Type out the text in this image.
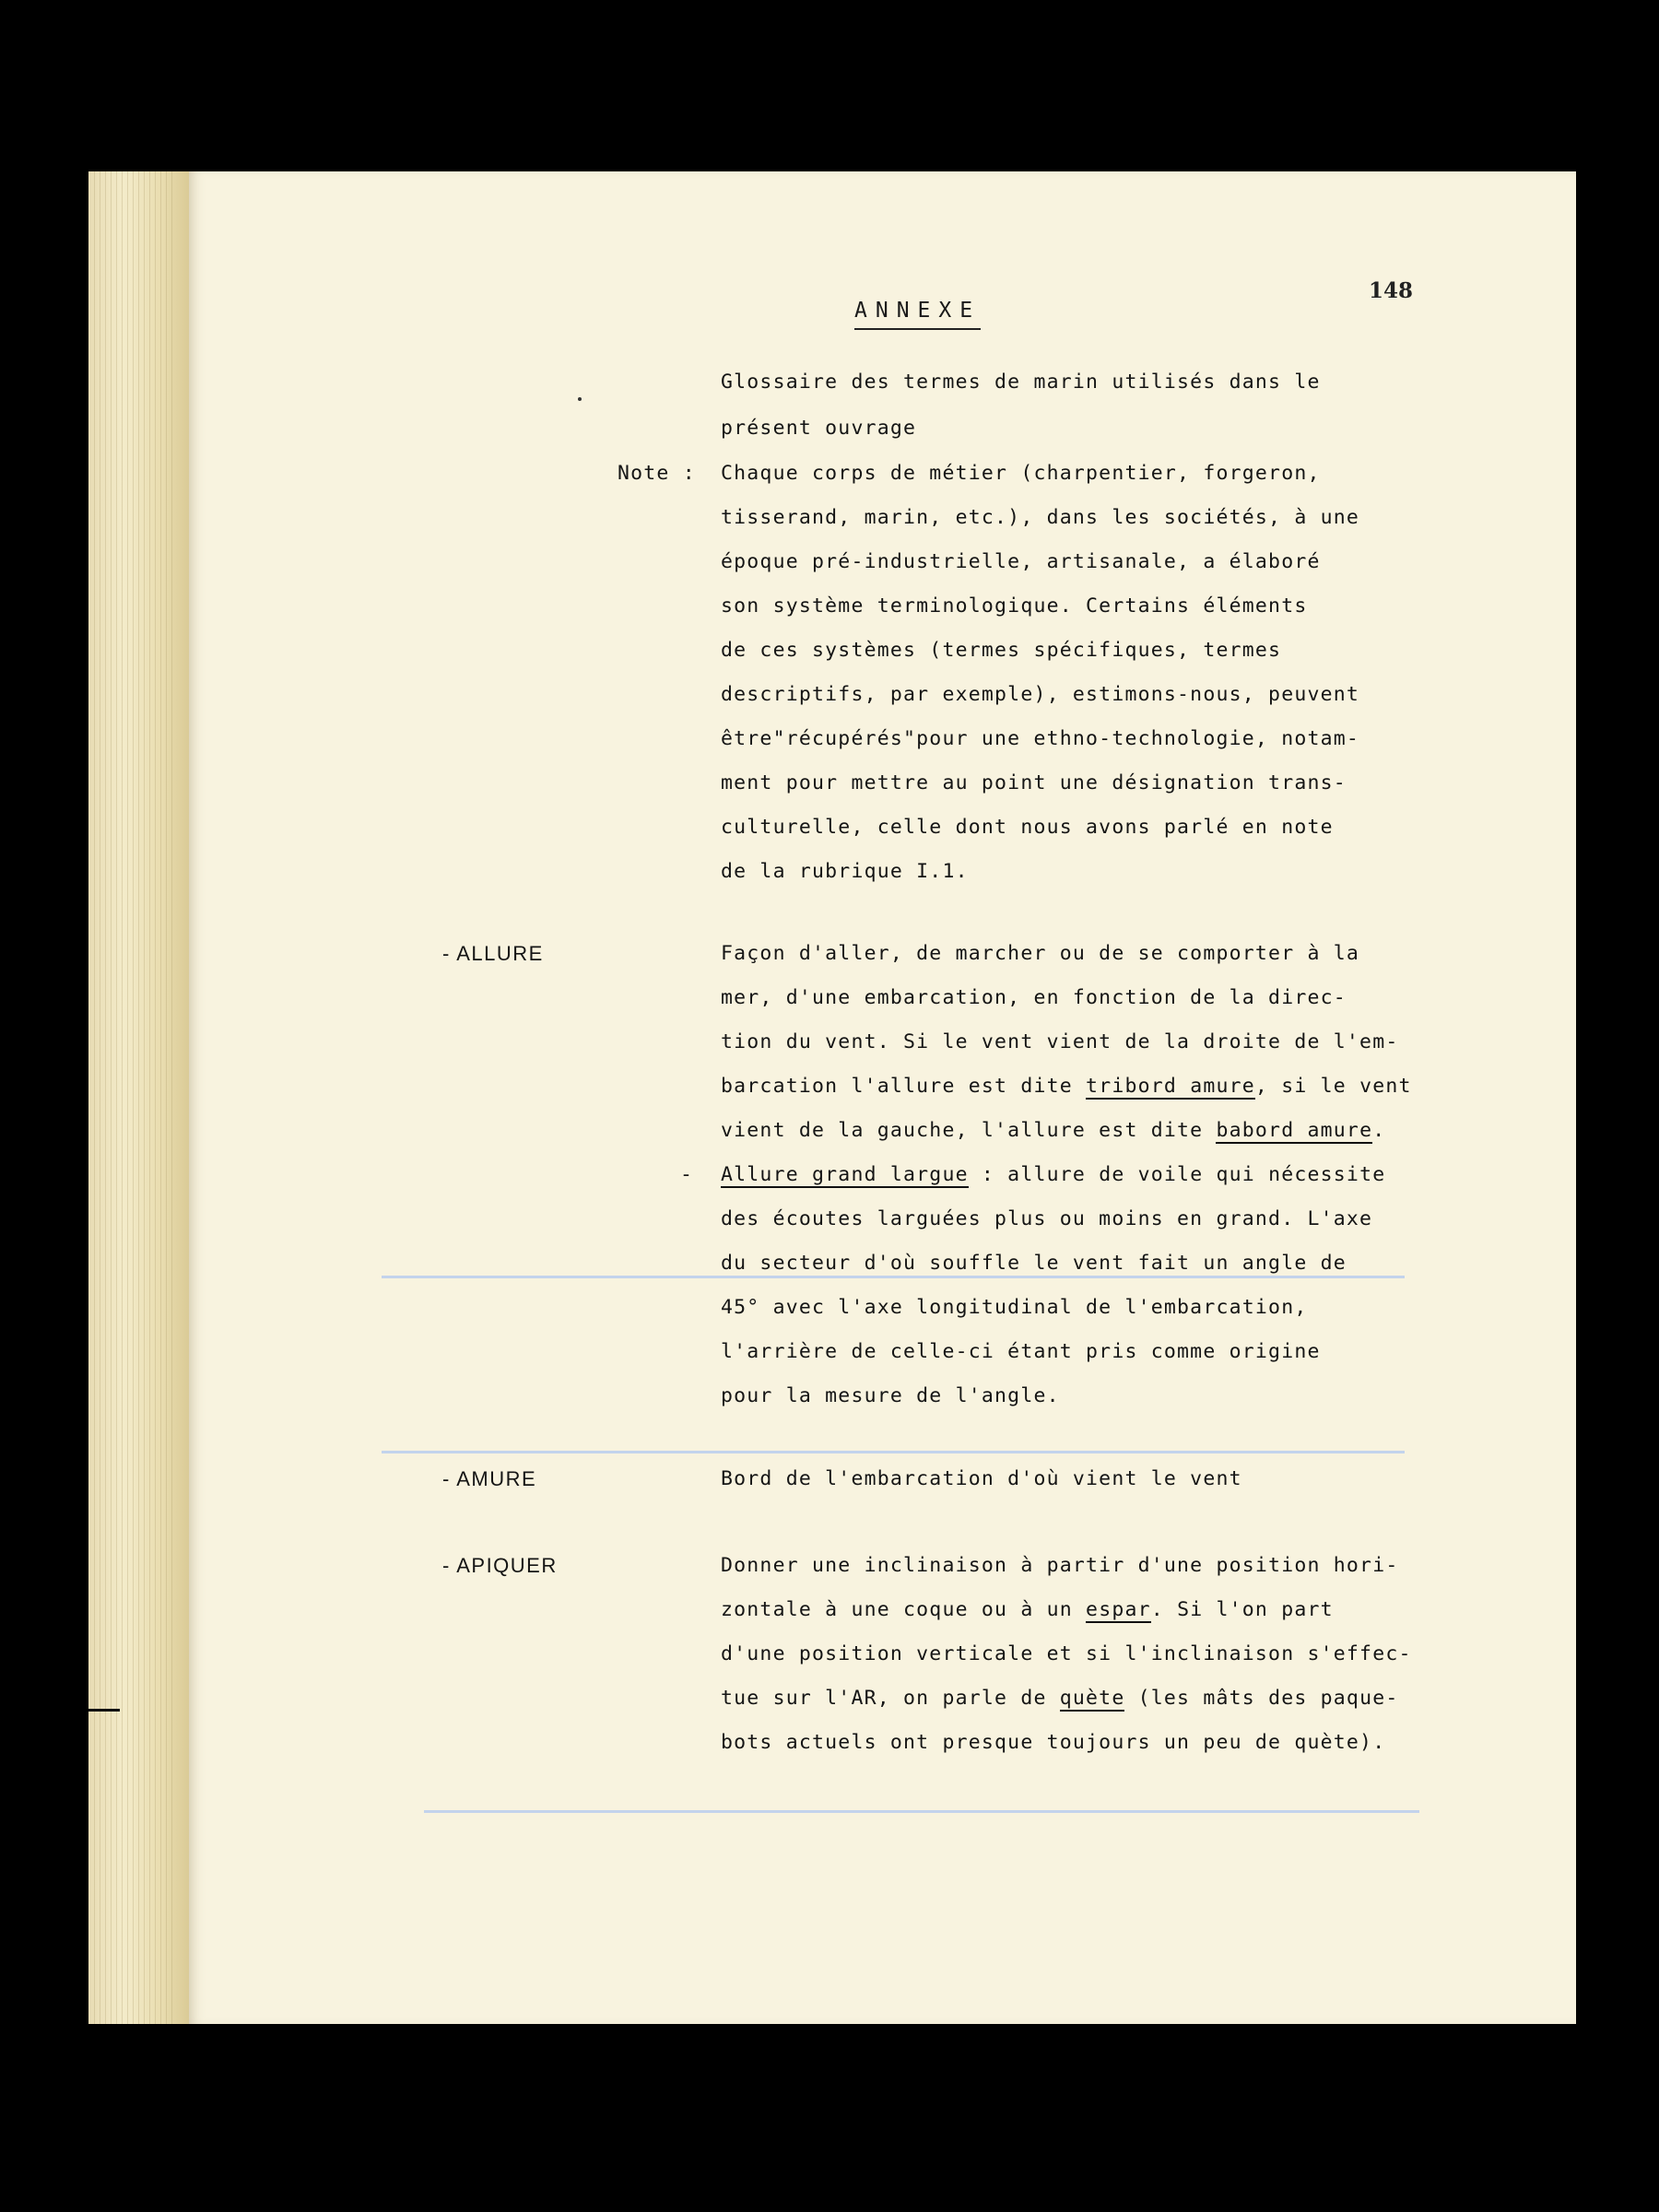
148
ANNEXE
Glossaire des termes de marin utilisés dans le
présent ouvrage
Note : Chaque corps de métier (charpentier, forgeron,
tisserand, marin, etc.), dans les sociétés, à une
époque pré-industrielle, artisanale, a élaboré
son système terminologique. Certains éléments
de ces systèmes (termes spécifiques, termes
descriptifs, par exemple), estimons-nous, peuvent
être"récupérés"pour une ethno-technologie, notam-
ment pour mettre au point une désignation trans-
culturelle, celle dont nous avons parlé en note
de la rubrique I.1.
- ALLURE	Façon d'aller, de marcher ou de se comporter à la
mer, d'une embarcation, en fonction de la direc-
tion du vent. Si le vent vient de la droite de l'em-
barcation l'allure est dite tribord amure, si le vent
vient de la gauche, l'allure est dite babord amure.
- Allure grand largue : allure de voile qui nécessite
des écoutes larguées plus ou moins en grand. L'axe
du secteur d'où souffle le vent fait un angle de
45° avec l'axe longitudinal de l'embarcation,
l'arrière de celle-ci étant pris comme origine
pour la mesure de l'angle.
- AMURE	Bord de l'embarcation d'où vient le vent
- APIQUER	Donner une inclinaison à partir d'une position hori-
zontale à une coque ou à un espar. Si l'on part
d'une position verticale et si l'inclinaison s'effec-
tue sur l'AR, on parle de quète (les mâts des paque-
bots actuels ont presque toujours un peu de quète).
